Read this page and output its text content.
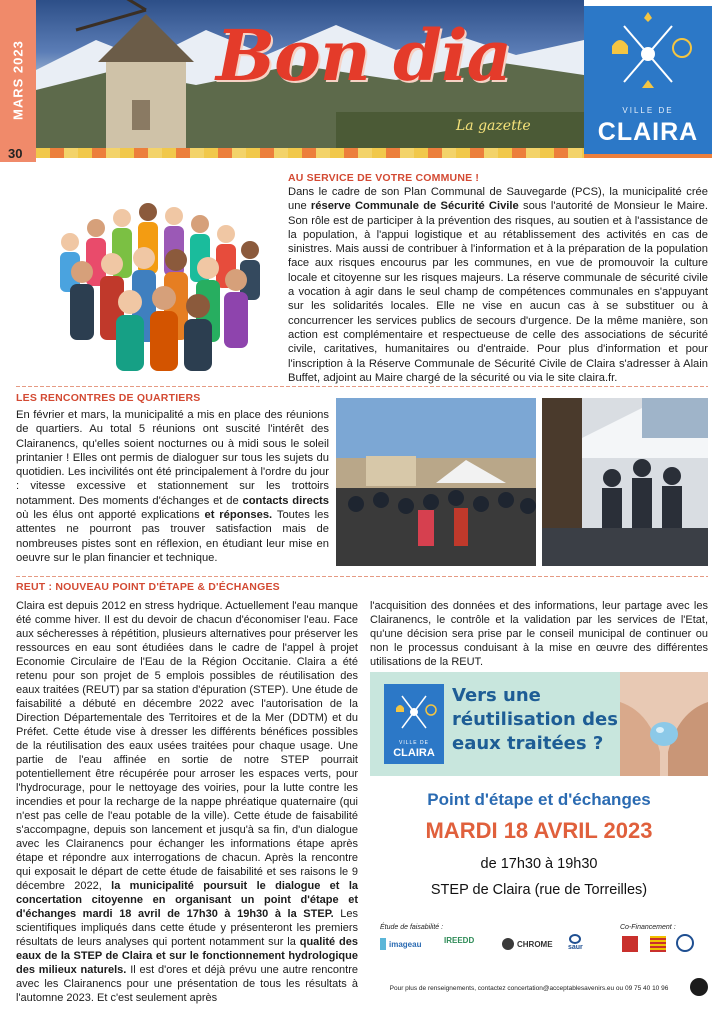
MARS 2023
30
Bon dia
La gazette
VILLE DE
CLAIRA
AU SERVICE DE VOTRE COMMUNE !
Dans le cadre de son Plan Communal de Sauvegarde (PCS), la municipalité crée une réserve Communale de Sécurité Civile sous l'autorité de Monsieur le Maire. Son rôle est de participer à la prévention des risques, au soutien et à l'assistance de la population, à l'appui logistique et au rétablissement des activités en cas de sinistres. Mais aussi de contribuer à l'information et à la préparation de la population face aux risques encourus par les communes, en vue de promouvoir la culture locale et citoyenne sur les risques majeurs. La réserve communale de sécurité civile a vocation à agir dans le seul champ de compétences communales en s'appuyant sur les solidarités locales. Elle ne vise en aucun cas à se substituer ou à concurrencer les services publics de secours d'urgence. De la même manière, son action est complémentaire et respectueuse de celle des associations de sécurité civile, caritatives, humanitaires ou d'entraide. Pour plus d'information et pour l'inscription à la Réserve Communale de Sécurité Civile de Claira s'adresser à Alain Buffet, adjoint au Maire chargé de la sécurité ou via le site claira.fr.
LES RENCONTRES DE QUARTIERS
En février et mars, la municipalité a mis en place des réunions de quartiers. Au total 5 réunions ont suscité l'intérêt des Clairanencs, qu'elles soient nocturnes ou à midi sous le soleil printanier ! Elles ont permis de dialoguer sur tous les sujets du quotidien. Les incivilités ont été principalement à l'ordre du jour : vitesse excessive et stationnement sur les trottoirs notamment. Des moments d'échanges et de contacts directs où les élus ont apporté explications et réponses. Toutes les attentes ne pourront pas trouver satisfaction mais de nombreuses pistes sont en réflexion, en étudiant leur mise en oeuvre sur le plan financier et technique.
REUT : NOUVEAU POINT D'ÉTAPE & D'ÉCHANGES
Claira est depuis 2012 en stress hydrique. Actuellement l'eau manque été comme hiver. Il est du devoir de chacun d'économiser l'eau. Face aux sécheresses à répétition, plusieurs alternatives pour préserver les ressources en eau sont étudiées dans le cadre de l'appel à projet Economie Circulaire de l'Eau de la Région Occitanie. Claira a été retenu pour son projet de 5 emplois possibles de réutilisation des eaux traitées (REUT) par sa station d'épuration (STEP). Une étude de faisabilité a débuté en décembre 2022 avec l'autorisation de la Direction Départementale des Territoires et de la Mer (DDTM) et du Préfet. Cette étude vise à dresser les différents bénéfices possibles de la réutilisation des eaux usées traitées pour chaque usage. Une partie de l'eau affinée en sortie de notre STEP pourrait potentiellement être récupérée pour arroser les espaces verts, pour l'hydrocurage, pour le nettoyage des voiries, pour la lutte contre les incendies et pour la recharge de la nappe phréatique quaternaire (qui n'est pas celle de l'eau potable de la ville). Cette étude de faisabilité s'accompagne, depuis son lancement et jusqu'à sa fin, d'un dialogue avec les Clairanencs pour échanger les informations étape après étape et répondre aux interrogations de chacun. Après la rencontre qui exposait le départ de cette étude de faisabilité et ses raisons le 9 décembre 2022, la municipalité poursuit le dialogue et la concertation citoyenne en organisant un point d'étape et d'échanges mardi 18 avril de 17h30 à 19h30 à la STEP. Les scientifiques impliqués dans cette étude y présenteront les premiers résultats de leurs analyses qui portent notamment sur la qualité des eaux de la STEP de Claira et sur le fonctionnement hydrologique des milieux naturels. Il est d'ores et déjà prévu une autre rencontre avec les Clairanencs pour une présentation de tous les résultats à l'automne 2023. Et c'est seulement après
l'acquisition des données et des informations, leur partage avec les Clairanencs, le contrôle et la validation par les services de l'Etat, qu'une décision sera prise par le conseil municipal de continuer ou non le processus conduisant à la mise en œuvre des différentes utilisations de la REUT.
VILLE DE
CLAIRA
Vers une réutilisation des eaux traitées ?
Point d'étape et d'échanges
MARDI 18 AVRIL 2023
de 17h30 à 19h30
STEP de Claira (rue de Torreilles)
Étude de faisabilité :	Co-Financement :
imageau	IREEDD	CHROME saur
Pour plus de renseignements, contactez concertation@acceptablesavenirs.eu ou 09 75 40 10 96
